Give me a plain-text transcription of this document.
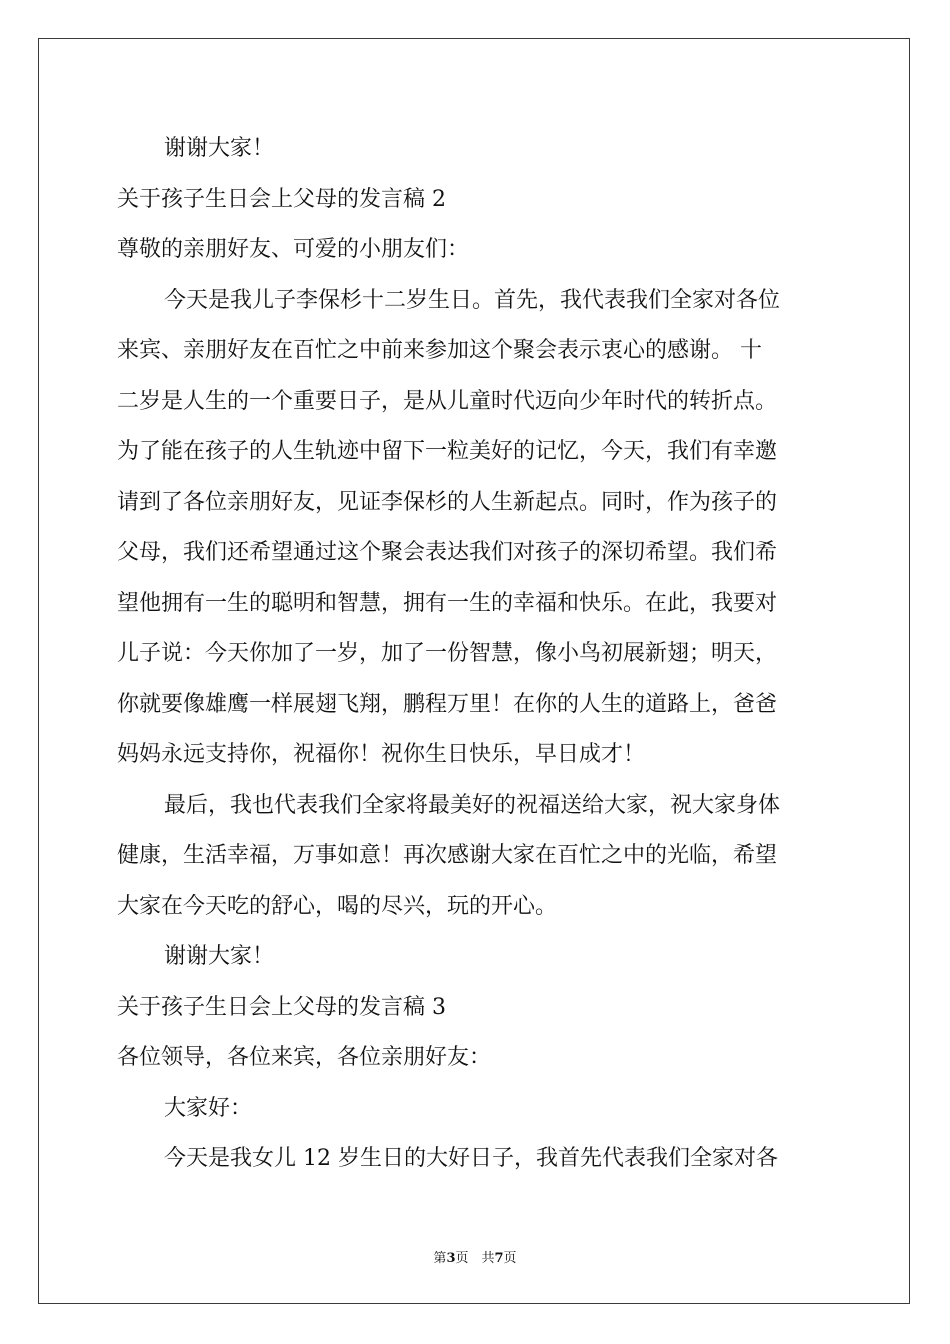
谢谢大家！
关于孩子生日会上父母的发言稿 2
尊敬的亲朋好友、可爱的小朋友们：
今天是我儿子李保杉十二岁生日。首先，我代表我们全家对各位
来宾、亲朋好友在百忙之中前来参加这个聚会表示衷心的感谢。 十
二岁是人生的一个重要日子，是从儿童时代迈向少年时代的转折点。
为了能在孩子的人生轨迹中留下一粒美好的记忆，今天，我们有幸邀
请到了各位亲朋好友，见证李保杉的人生新起点。同时，作为孩子的
父母，我们还希望通过这个聚会表达我们对孩子的深切希望。我们希
望他拥有一生的聪明和智慧，拥有一生的幸福和快乐。在此，我要对
儿子说：今天你加了一岁，加了一份智慧，像小鸟初展新翅；明天，
你就要像雄鹰一样展翅飞翔，鹏程万里！在你的人生的道路上，爸爸
妈妈永远支持你，祝福你！祝你生日快乐，早日成才！
最后，我也代表我们全家将最美好的祝福送给大家，祝大家身体
健康，生活幸福，万事如意！再次感谢大家在百忙之中的光临，希望
大家在今天吃的舒心，喝的尽兴，玩的开心。
谢谢大家！
关于孩子生日会上父母的发言稿 3
各位领导，各位来宾，各位亲朋好友：
大家好：
今天是我女儿 12 岁生日的大好日子，我首先代表我们全家对各
第3页　共7页
